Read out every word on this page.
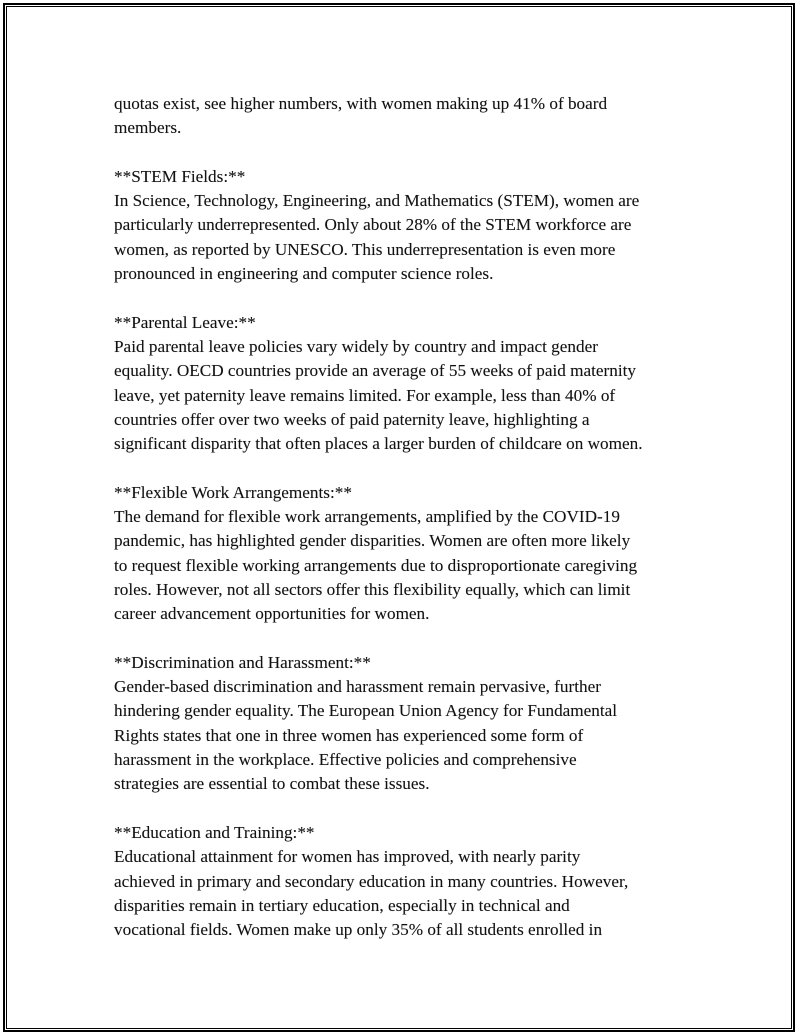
quotas exist, see higher numbers, with women making up 41% of board
members.
**STEM Fields:**
In Science, Technology, Engineering, and Mathematics (STEM), women are
particularly underrepresented. Only about 28% of the STEM workforce are
women, as reported by UNESCO. This underrepresentation is even more
pronounced in engineering and computer science roles.
**Parental Leave:**
Paid parental leave policies vary widely by country and impact gender
equality. OECD countries provide an average of 55 weeks of paid maternity
leave, yet paternity leave remains limited. For example, less than 40% of
countries offer over two weeks of paid paternity leave, highlighting a
significant disparity that often places a larger burden of childcare on women.
**Flexible Work Arrangements:**
The demand for flexible work arrangements, amplified by the COVID-19
pandemic, has highlighted gender disparities. Women are often more likely
to request flexible working arrangements due to disproportionate caregiving
roles. However, not all sectors offer this flexibility equally, which can limit
career advancement opportunities for women.
**Discrimination and Harassment:**
Gender-based discrimination and harassment remain pervasive, further
hindering gender equality. The European Union Agency for Fundamental
Rights states that one in three women has experienced some form of
harassment in the workplace. Effective policies and comprehensive
strategies are essential to combat these issues.
**Education and Training:**
Educational attainment for women has improved, with nearly parity
achieved in primary and secondary education in many countries. However,
disparities remain in tertiary education, especially in technical and
vocational fields. Women make up only 35% of all students enrolled in
